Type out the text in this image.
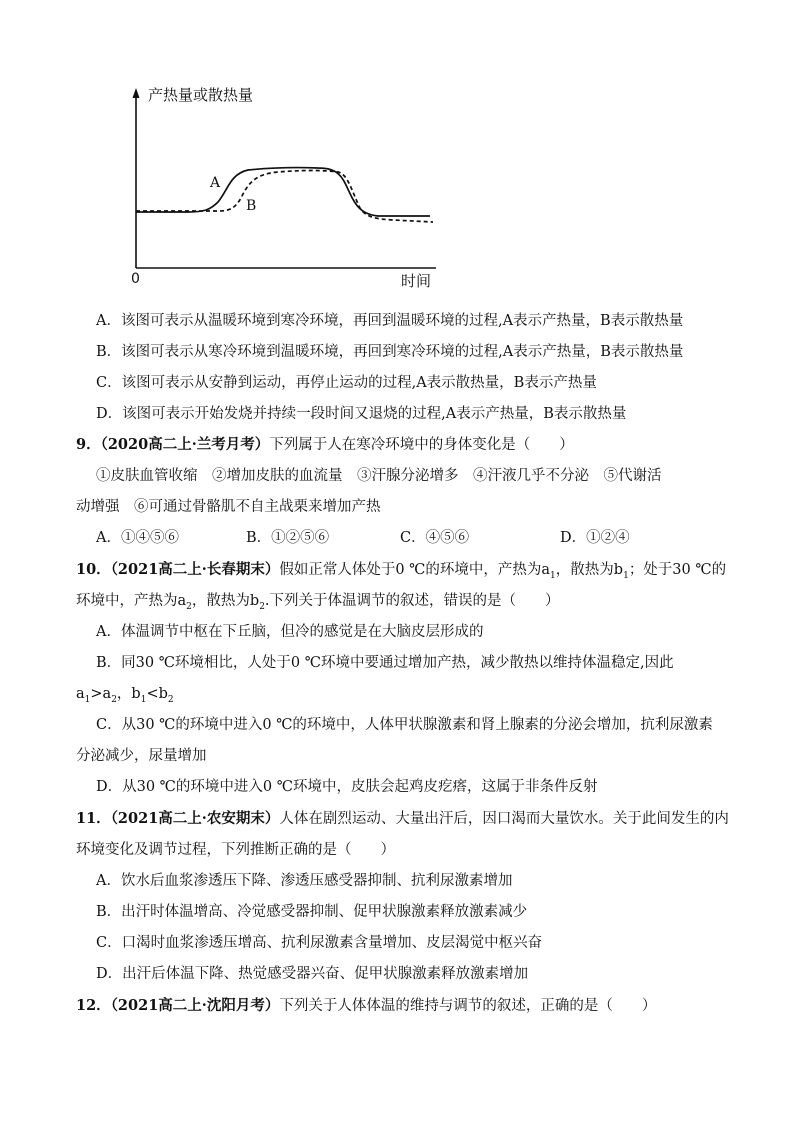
产热量或散热量
时间
0
A
B
A．该图可表示从温暖环境到寒冷环境，再回到温暖环境的过程,A表示产热量，B表示散热量
B．该图可表示从寒冷环境到温暖环境，再回到寒冷环境的过程,A表示产热量，B表示散热量
C．该图可表示从安静到运动，再停止运动的过程,A表示散热量，B表示产热量
D．该图可表示开始发烧并持续一段时间又退烧的过程,A表示产热量，B表示散热量
9．（2020高二上·兰考月考）下列属于人在寒冷环境中的身体变化是（　　）
①皮肤血管收缩　②增加皮肤的血流量　③汗腺分泌增多　④汗液几乎不分泌　⑤代谢活
动增强　⑥可通过骨骼肌不自主战栗来增加产热
A．①④⑤⑥	B．①②⑤⑥	C．④⑤⑥	D．①②④
10．（2021高二上·长春期末）假如正常人体处于0 ℃的环境中，产热为$a_1$，散热为$b_1$；处于30 ℃的
环境中，产热为$a_2$，散热为$b_2$.下列关于体温调节的叙述，错误的是（　　）
A．体温调节中枢在下丘脑，但冷的感觉是在大脑皮层形成的
B．同30 ℃环境相比，人处于0 ℃环境中要通过增加产热，减少散热以维持体温稳定,因此
$a_1>a_2$，$b_1<b_2$
C．从30 ℃的环境中进入0 ℃的环境中，人体甲状腺激素和肾上腺素的分泌会增加，抗利尿激素
分泌减少，尿量增加
D．从30 ℃的环境中进入0 ℃环境中，皮肤会起鸡皮疙瘩，这属于非条件反射
11．（2021高二上·农安期末）人体在剧烈运动、大量出汗后，因口渴而大量饮水。关于此间发生的内
环境变化及调节过程，下列推断正确的是（　　）
A．饮水后血浆渗透压下降、渗透压感受器抑制、抗利尿激素增加
B．出汗时体温增高、冷觉感受器抑制、促甲状腺激素释放激素减少
C．口渴时血浆渗透压增高、抗利尿激素含量增加、皮层渴觉中枢兴奋
D．出汗后体温下降、热觉感受器兴奋、促甲状腺激素释放激素增加
12．（2021高二上·沈阳月考）下列关于人体体温的维持与调节的叙述，正确的是（　　）
